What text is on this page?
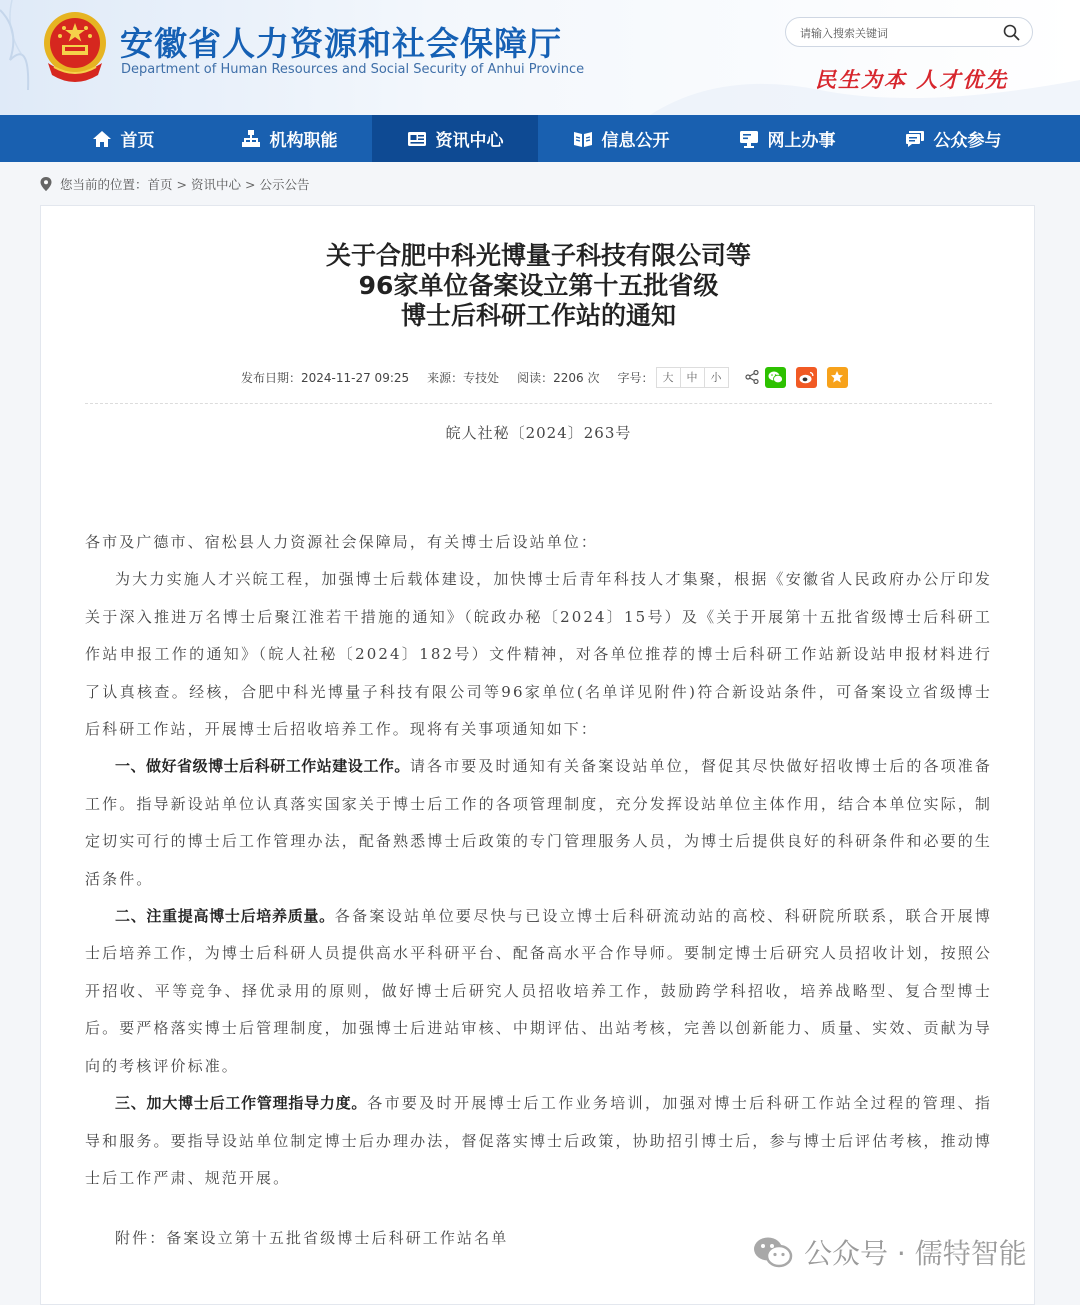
安徽省人力资源和社会保障厅
Department of Human Resources and Social Security of Anhui Province
请输入搜索关键词	民生为本 人才优先
首页	机构职能	资讯中心	信息公开	网上办事	公众参与
您当前的位置： 首页 > 资讯中心 > 公示公告
关于合肥中科光博量子科技有限公司等
96家单位备案设立第十五批省级
博士后科研工作站的通知
发布日期：2024-11-27 09:25 来源：专技处 阅读：2206 次 字号： 大	中	小
皖人社秘〔2024〕263号

各市及广德市、宿松县人力资源社会保障局，有关博士后设站单位：

为大力实施人才兴皖工程，加强博士后载体建设，加快博士后青年科技人才集聚，根据《安徽省人民政府办公厅印发关于深入推进万名博士后聚江淮若干措施的通知》（皖政办秘〔2024〕15号）及《关于开展第十五批省级博士后科研工作站申报工作的通知》（皖人社秘〔2024〕182号）文件精神，对各单位推荐的博士后科研工作站新设站申报材料进行了认真核查。经核，合肥中科光博量子科技有限公司等96家单位(名单详见附件)符合新设站条件，可备案设立省级博士后科研工作站，开展博士后招收培养工作。现将有关事项通知如下：

一、做好省级博士后科研工作站建设工作。请各市要及时通知有关备案设站单位，督促其尽快做好招收博士后的各项准备工作。指导新设站单位认真落实国家关于博士后工作的各项管理制度，充分发挥设站单位主体作用，结合本单位实际，制定切实可行的博士后工作管理办法，配备熟悉博士后政策的专门管理服务人员，为博士后提供良好的科研条件和必要的生活条件。

二、注重提高博士后培养质量。各备案设站单位要尽快与已设立博士后科研流动站的高校、科研院所联系，联合开展博士后培养工作，为博士后科研人员提供高水平科研平台、配备高水平合作导师。要制定博士后研究人员招收计划，按照公开招收、平等竞争、择优录用的原则，做好博士后研究人员招收培养工作，鼓励跨学科招收，培养战略型、复合型博士后。要严格落实博士后管理制度，加强博士后进站审核、中期评估、出站考核，完善以创新能力、质量、实效、贡献为导向的考核评价标准。

三、加大博士后工作管理指导力度。各市要及时开展博士后工作业务培训，加强对博士后科研工作站全过程的管理、指导和服务。要指导设站单位制定博士后办理办法，督促落实博士后政策，协助招引博士后，参与博士后评估考核，推动博士后工作严肃、规范开展。

附件：备案设立第十五批省级博士后科研工作站名单	公众号 · 儒特智能
